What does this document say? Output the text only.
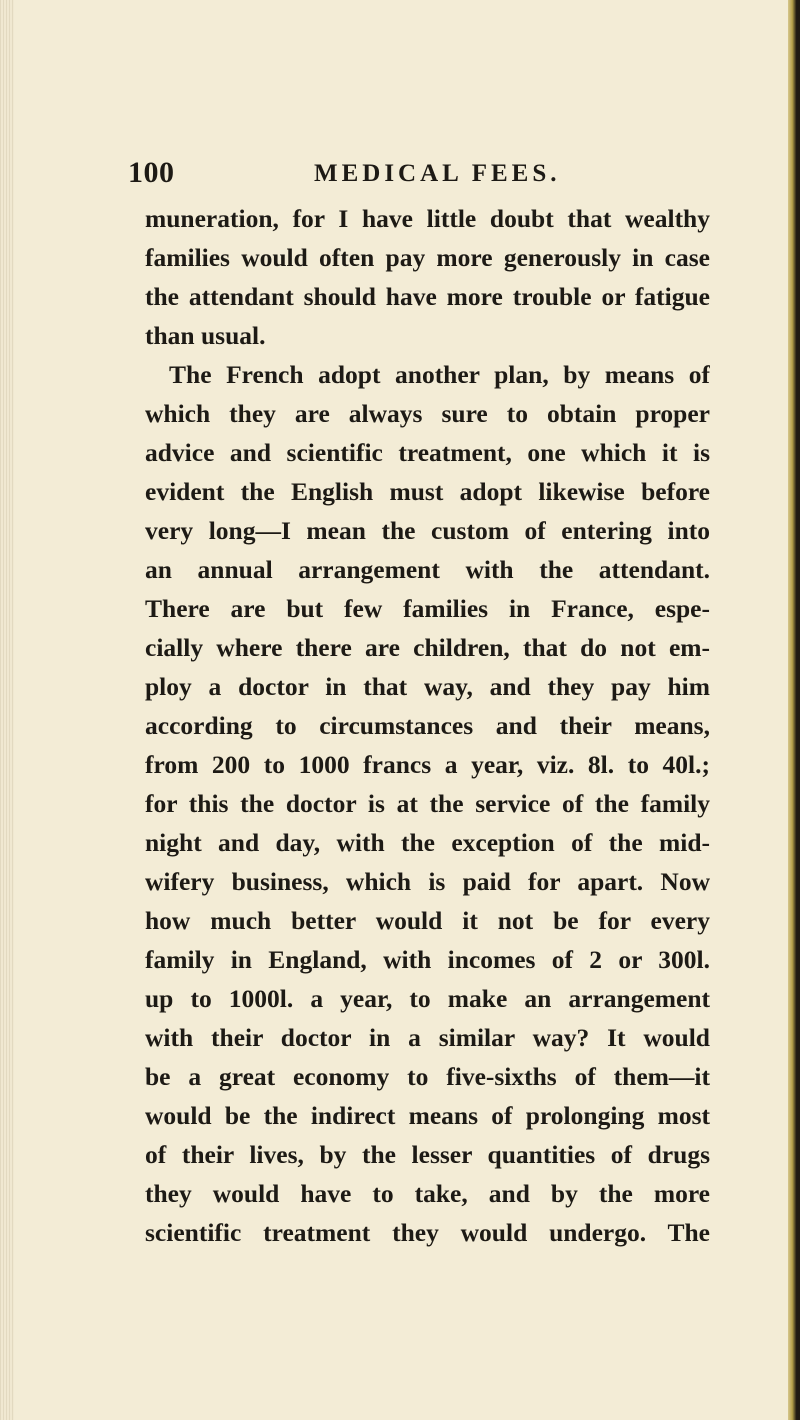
100	MEDICAL FEES.
muneration, for I have little doubt that wealthy
families would often pay more generously in case
the attendant should have more trouble or fatigue
than usual.
The French adopt another plan, by means of
which they are always sure to obtain proper
advice and scientific treatment, one which it is
evident the English must adopt likewise before
very long—I mean the custom of entering into
an annual arrangement with the attendant.
There are but few families in France, espe-
cially where there are children, that do not em-
ploy a doctor in that way, and they pay him
according to circumstances and their means,
from 200 to 1000 francs a year, viz. 8l. to 40l.;
for this the doctor is at the service of the family
night and day, with the exception of the mid-
wifery business, which is paid for apart. Now
how much better would it not be for every
family in England, with incomes of 2 or 300l.
up to 1000l. a year, to make an arrangement
with their doctor in a similar way? It would
be a great economy to five-sixths of them—it
would be the indirect means of prolonging most
of their lives, by the lesser quantities of drugs
they would have to take, and by the more
scientific treatment they would undergo. The
